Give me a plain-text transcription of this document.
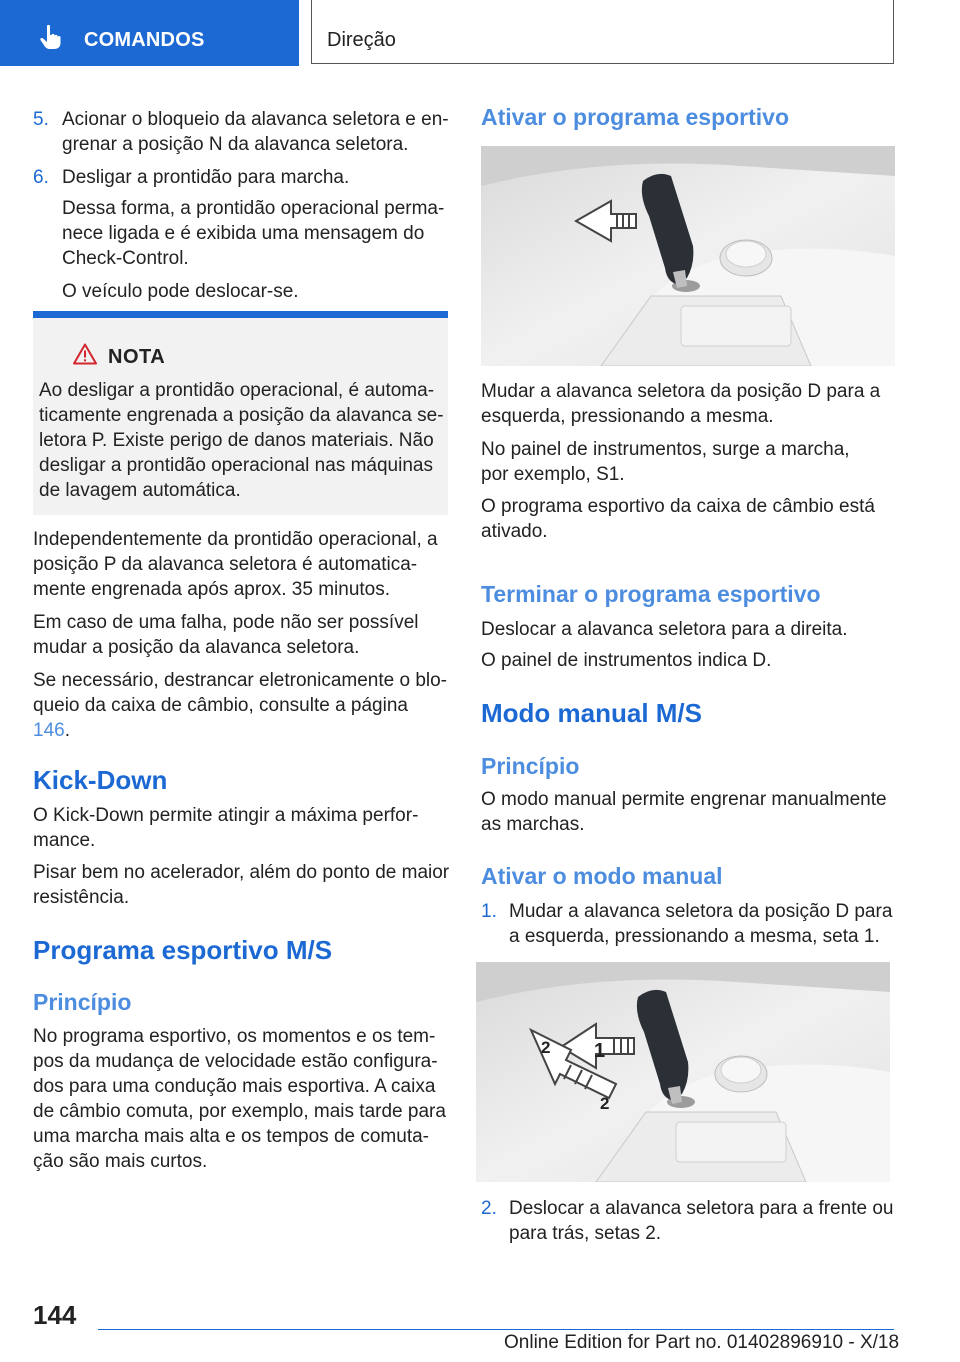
COMANDOS	Direção
5. Acionar o bloqueio da alavanca seletora e en‐
grenar a posição N da alavanca seletora.
6. Desligar a prontidão para marcha.
Dessa forma, a prontidão operacional perma‐
nece ligada e é exibida uma mensagem do
Check-Control.
O veículo pode deslocar-se.
NOTA
Ao desligar a prontidão operacional, é automa‐
ticamente engrenada a posição da alavanca se‐
letora P. Existe perigo de danos materiais. Não
desligar a prontidão operacional nas máquinas
de lavagem automática.
Independentemente da prontidão operacional, a
posição P da alavanca seletora é automatica‐
mente engrenada após aprox. 35 minutos.
Em caso de uma falha, pode não ser possível
mudar a posição da alavanca seletora.
Se necessário, destrancar eletronicamente o blo‐
queio da caixa de câmbio, consulte a página
146.
Kick-Down
O Kick-Down permite atingir a máxima perfor‐
mance.
Pisar bem no acelerador, além do ponto de maior
resistência.
Programa esportivo M/S
Princípio
No programa esportivo, os momentos e os tem‐
pos da mudança de velocidade estão configura‐
dos para uma condução mais esportiva. A caixa
de câmbio comuta, por exemplo, mais tarde para
uma marcha mais alta e os tempos de comuta‐
ção são mais curtos.
Ativar o programa esportivo
Mudar a alavanca seletora da posição D para a
esquerda, pressionando a mesma.
No painel de instrumentos, surge a marcha,
por exemplo, S1.
O programa esportivo da caixa de câmbio está
ativado.
Terminar o programa esportivo
Deslocar a alavanca seletora para a direita.
O painel de instrumentos indica D.
Modo manual M/S
Princípio
O modo manual permite engrenar manualmente
as marchas.
Ativar o modo manual
1. Mudar a alavanca seletora da posição D para
a esquerda, pressionando a mesma, seta 1.
1
2
2
2. Deslocar a alavanca seletora para a frente ou
para trás, setas 2.
144
Online Edition for Part no. 01402896910 - X/18
